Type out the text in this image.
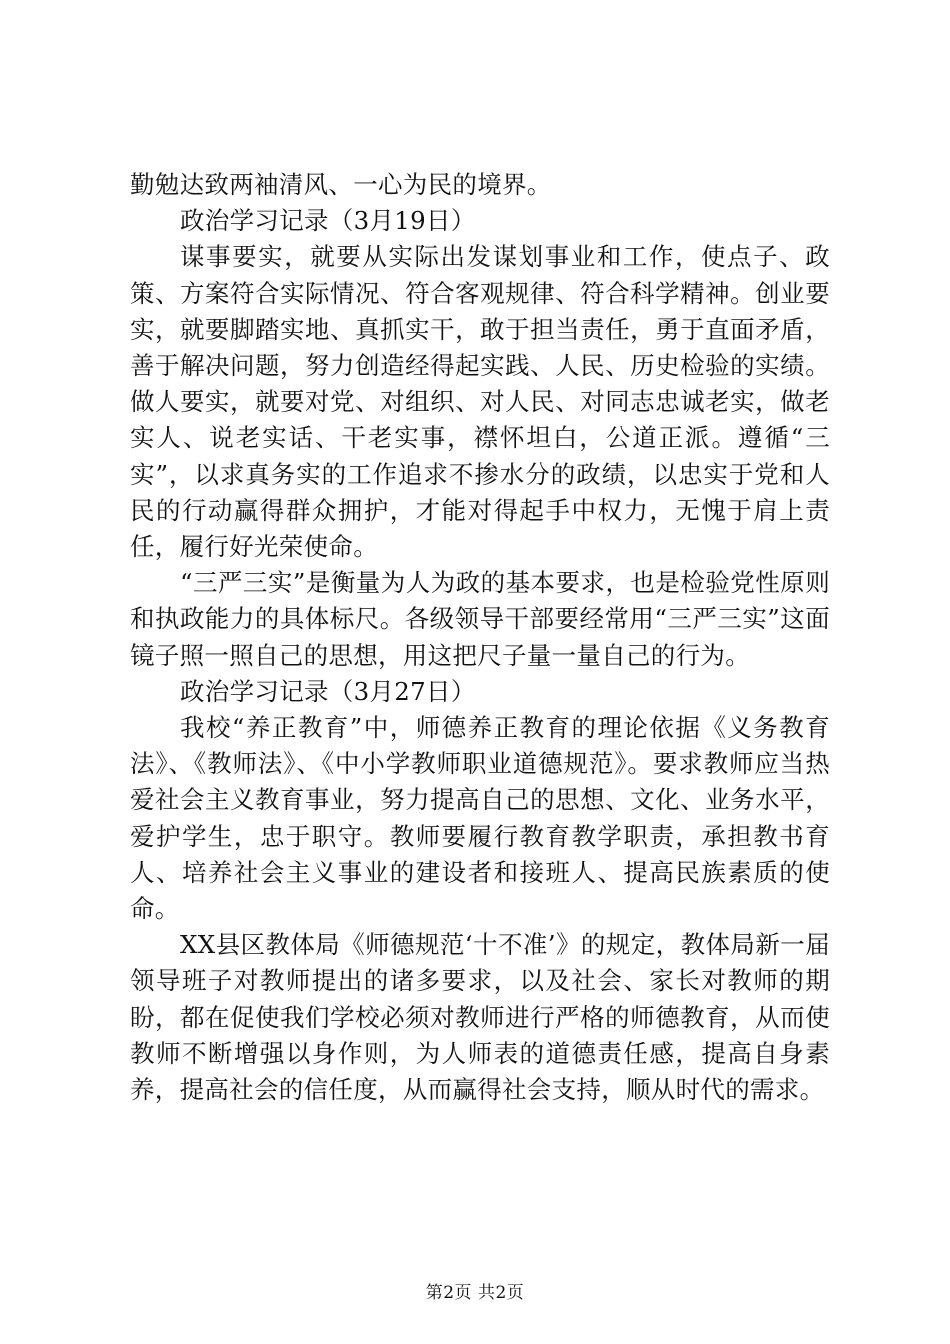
勤勉达致两袖清风、一心为民的境界。

政治学习记录（3月19日）

谋事要实，就要从实际出发谋划事业和工作，使点子、政策、方案符合实际情况、符合客观规律、符合科学精神。创业要实，就要脚踏实地、真抓实干，敢于担当责任，勇于直面矛盾，善于解决问题，努力创造经得起实践、人民、历史检验的实绩。做人要实，就要对党、对组织、对人民、对同志忠诚老实，做老实人、说老实话、干老实事，襟怀坦白，公道正派。遵循“三实”，以求真务实的工作追求不掺水分的政绩，以忠实于党和人民的行动赢得群众拥护，才能对得起手中权力，无愧于肩上责任，履行好光荣使命。

“三严三实”是衡量为人为政的基本要求，也是检验党性原则和执政能力的具体标尺。各级领导干部要经常用“三严三实”这面镜子照一照自己的思想，用这把尺子量一量自己的行为。

政治学习记录（3月27日）

我校“养正教育”中，师德养正教育的理论依据《义务教育法》、《教师法》、《中小学教师职业道德规范》。要求教师应当热爱社会主义教育事业，努力提高自己的思想、文化、业务水平，爱护学生，忠于职守。教师要履行教育教学职责，承担教书育人、培养社会主义事业的建设者和接班人、提高民族素质的使命。

XX县区教体局《师德规范‘十不准’》的规定，教体局新一届领导班子对教师提出的诸多要求，以及社会、家长对教师的期盼，都在促使我们学校必须对教师进行严格的师德教育，从而使教师不断增强以身作则，为人师表的道德责任感，提高自身素养，提高社会的信任度，从而赢得社会支持，顺从时代的需求。

第2页 共2页
